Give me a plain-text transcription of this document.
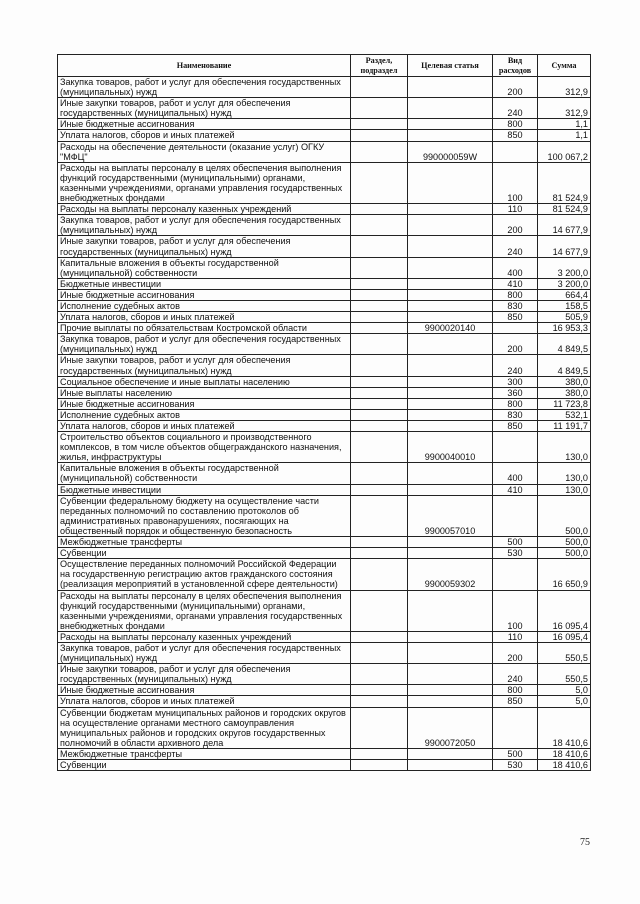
Наименование	Раздел, подраздел	Целевая статья	Вид расходов	Сумма
Закупка товаров, работ и услуг для обеспечения государственных (муниципальных) нужд			200	312,9
Иные закупки товаров, работ и услуг для обеспечения государственных (муниципальных) нужд			240	312,9
Иные бюджетные ассигнования			800	1,1
Уплата налогов, сборов и иных платежей			850	1,1
Расходы на обеспечение деятельности (оказание услуг) ОГКУ "МФЦ"		990000059W		100 067,2
Расходы на выплаты персоналу в целях обеспечения выполнения функций государственными (муниципальными) органами, казенными учреждениями, органами управления государственных внебюджетных фондами			100	81 524,9
Расходы на выплаты персоналу казенных учреждений			110	81 524,9
Закупка товаров, работ и услуг для обеспечения государственных (муниципальных) нужд			200	14 677,9
Иные закупки товаров, работ и услуг для обеспечения государственных (муниципальных) нужд			240	14 677,9
Капитальные вложения в объекты государственной (муниципальной) собственности			400	3 200,0
Бюджетные инвестиции			410	3 200,0
Иные бюджетные ассигнования			800	664,4
Исполнение судебных актов			830	158,5
Уплата налогов, сборов и иных платежей			850	505,9
Прочие выплаты по обязательствам Костромской области		9900020140		16 953,3
Закупка товаров, работ и услуг для обеспечения государственных (муниципальных) нужд			200	4 849,5
Иные закупки товаров, работ и услуг для обеспечения государственных (муниципальных) нужд			240	4 849,5
Социальное обеспечение и иные выплаты населению			300	380,0
Иные выплаты населению			360	380,0
Иные бюджетные ассигнования			800	11 723,8
Исполнение судебных актов			830	532,1
Уплата налогов, сборов и иных платежей			850	11 191,7
Строительство объектов социального и производственного комплексов, в том числе объектов общегражданского назначения, жилья, инфраструктуры		9900040010		130,0
Капитальные вложения в объекты государственной (муниципальной) собственности			400	130,0
Бюджетные инвестиции			410	130,0
Субвенции федеральному бюджету на осуществление части переданных полномочий по составлению протоколов об административных правонарушениях, посягающих на общественный порядок и общественную безопасность		9900057010		500,0
Межбюджетные трансферты			500	500,0
Субвенции			530	500,0
Осуществление переданных полномочий Российской Федерации на государственную регистрацию актов гражданского состояния (реализация мероприятий в установленной сфере деятельности)		9900059302		16 650,9
Расходы на выплаты персоналу в целях обеспечения выполнения функций государственными (муниципальными) органами, казенными учреждениями, органами управления государственных внебюджетных фондами			100	16 095,4
Расходы на выплаты персоналу казенных учреждений			110	16 095,4
Закупка товаров, работ и услуг для обеспечения государственных (муниципальных) нужд			200	550,5
Иные закупки товаров, работ и услуг для обеспечения государственных (муниципальных) нужд			240	550,5
Иные бюджетные ассигнования			800	5,0
Уплата налогов, сборов и иных платежей			850	5,0
Субвенции бюджетам муниципальных районов и городских округов на осуществление органами местного самоуправления муниципальных районов и городских округов государственных полномочий в области архивного дела		9900072050		18 410,6
Межбюджетные трансферты			500	18 410,6
Субвенции			530	18 410,6
75
